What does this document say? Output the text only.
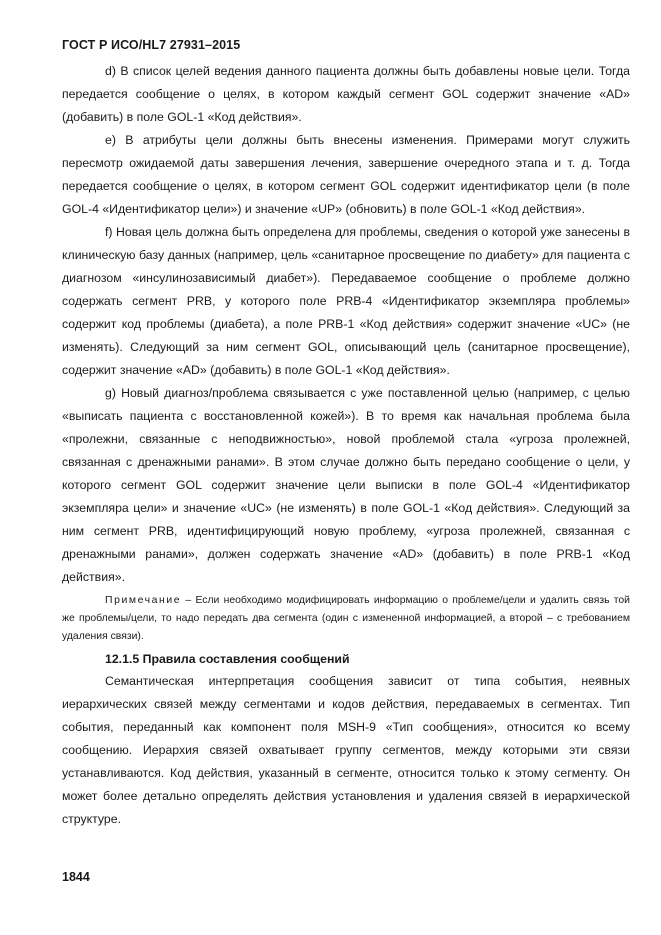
ГОСТ Р ИСО/HL7 27931–2015

d) В список целей ведения данного пациента должны быть добавлены новые цели. Тогда передается сообщение о целях, в котором каждый сегмент GOL содержит значение «AD» (добавить) в поле GOL-1 «Код действия».

е) В атрибуты цели должны быть внесены изменения. Примерами могут служить пересмотр ожидаемой даты завершения лечения, завершение очередного этапа и т. д. Тогда передается сообщение о целях, в котором сегмент GOL содержит идентификатор цели (в поле GOL-4 «Идентификатор цели») и значение «UP» (обновить) в поле GOL-1 «Код действия».

f) Новая цель должна быть определена для проблемы, сведения о которой уже занесены в клиническую базу данных (например, цель «санитарное просвещение по диабету» для пациента с диагнозом «инсулинозависимый диабет»). Передаваемое сообщение о проблеме должно содержать сегмент PRB, у которого поле PRB-4 «Идентификатор экземпляра проблемы» содержит код проблемы (диабета), а поле PRB-1 «Код действия» содержит значение «UC» (не изменять). Следующий за ним сегмент GOL, описывающий цель (санитарное просвещение), содержит значение «AD» (добавить) в поле GOL-1 «Код действия».

g) Новый диагноз/проблема связывается с уже поставленной целью (например, с целью «выписать пациента с восстановленной кожей»). В то время как начальная проблема была «пролежни, связанные с неподвижностью», новой проблемой стала «угроза пролежней, связанная с дренажными ранами». В этом случае должно быть передано сообщение о цели, у которого сегмент GOL содержит значение цели выписки в поле GOL-4 «Идентификатор экземпляра цели» и значение «UC» (не изменять) в поле GOL-1 «Код действия». Следующий за ним сегмент PRB, идентифицирующий новую проблему, «угроза пролежней, связанная с дренажными ранами», должен содержать значение «AD» (добавить) в поле PRB-1 «Код действия».

Примечание – Если необходимо модифицировать информацию о проблеме/цели и удалить связь той же проблемы/цели, то надо передать два сегмента (один с измененной информацией, а второй – с требованием удаления связи).

12.1.5 Правила составления сообщений

Семантическая интерпретация сообщения зависит от типа события, неявных иерархических связей между сегментами и кодов действия, передаваемых в сегментах. Тип события, переданный как компонент поля MSH-9 «Тип сообщения», относится ко всему сообщению. Иерархия связей охватывает группу сегментов, между которыми эти связи устанавливаются. Код действия, указанный в сегменте, относится только к этому сегменту. Он может более детально определять действия установления и удаления связей в иерархической структуре.

1844
